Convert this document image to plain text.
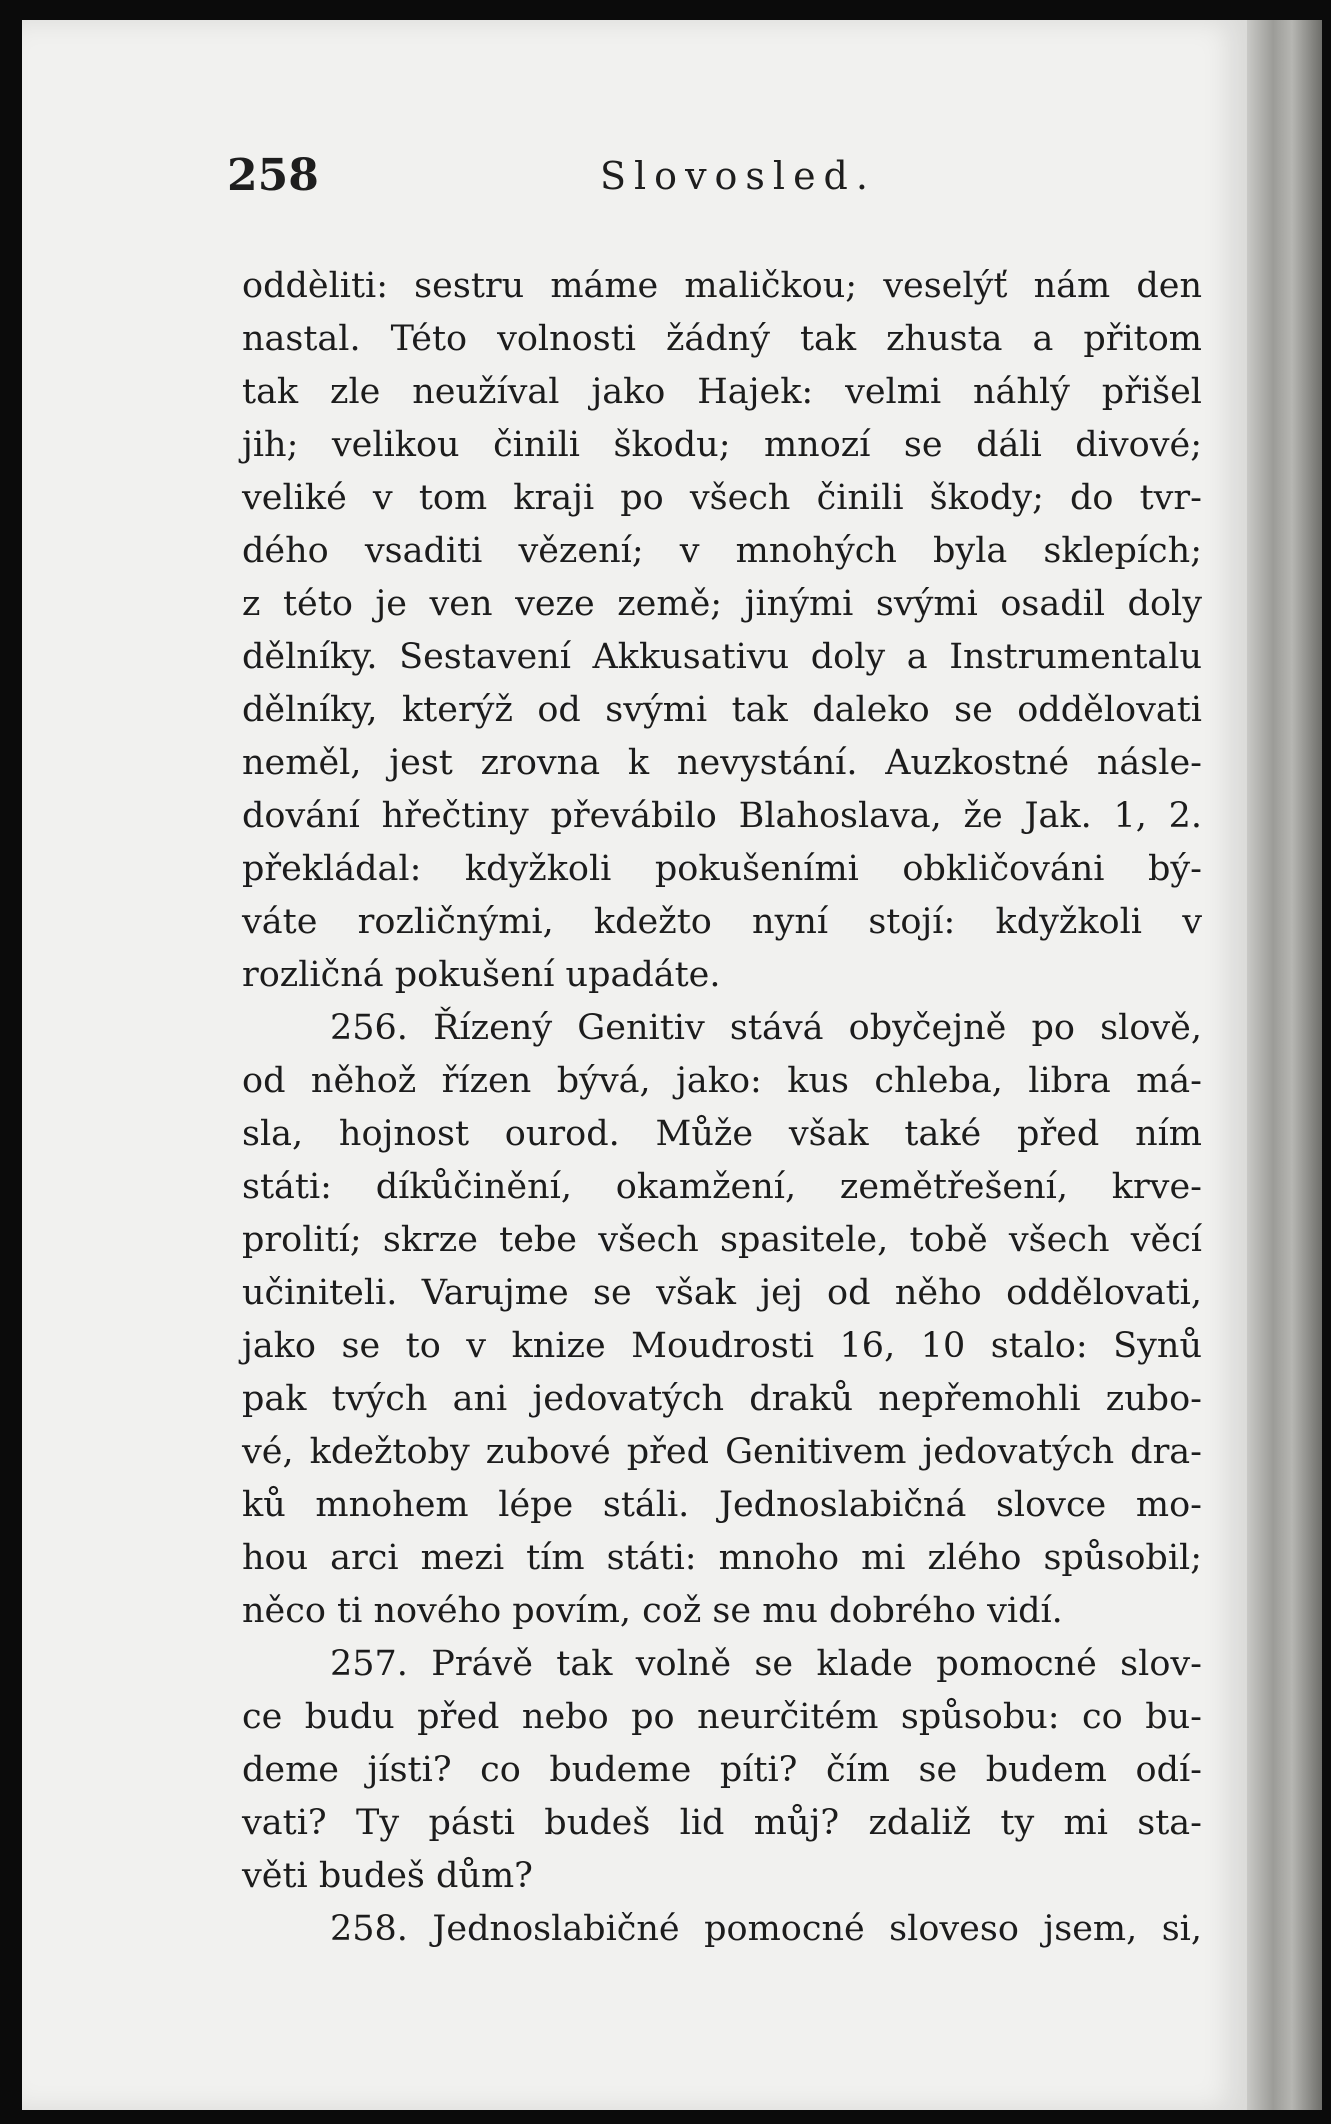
258	Slovosled.
oddèliti: sestru máme maličkou; veselýť nám den
nastal. Této volnosti žádný tak zhusta a přitom
tak zle neužíval jako Hajek: velmi náhlý přišel
jih; velikou činili škodu; mnozí se dáli divové;
veliké v tom kraji po všech činili škody; do tvr-
dého vsaditi vězení; v mnohých byla sklepích;
z této je ven veze země; jinými svými osadil doly
dělníky. Sestavení Akkusativu doly a Instrumentalu
dělníky, kterýž od svými tak daleko se oddělovati
neměl, jest zrovna k nevystání. Auzkostné násle-
dování hřečtiny převábilo Blahoslava, že Jak. 1, 2.
překládal: kdyžkoli pokušeními obkličováni bý-
váte rozličnými, kdežto nyní stojí: kdyžkoli v
rozličná pokušení upadáte.
256. Řízený Genitiv stává obyčejně po slově,
od něhož řízen bývá, jako: kus chleba, libra má-
sla, hojnost ourod. Může však také před ním
státi: díkůčinění, okamžení, zemětřešení, krve-
prolití; skrze tebe všech spasitele, tobě všech věcí
učiniteli. Varujme se však jej od něho oddělovati,
jako se to v knize Moudrosti 16, 10 stalo: Synů
pak tvých ani jedovatých draků nepřemohli zubo-
vé, kdežtoby zubové před Genitivem jedovatých dra-
ků mnohem lépe stáli. Jednoslabičná slovce mo-
hou arci mezi tím státi: mnoho mi zlého spůsobil;
něco ti nového povím, což se mu dobrého vidí.
257. Právě tak volně se klade pomocné slov-
ce budu před nebo po neurčitém spůsobu: co bu-
deme jísti? co budeme píti? čím se budem odí-
vati? Ty pásti budeš lid můj? zdaliž ty mi sta-
věti budeš dům?
258. Jednoslabičné pomocné sloveso jsem, si,
